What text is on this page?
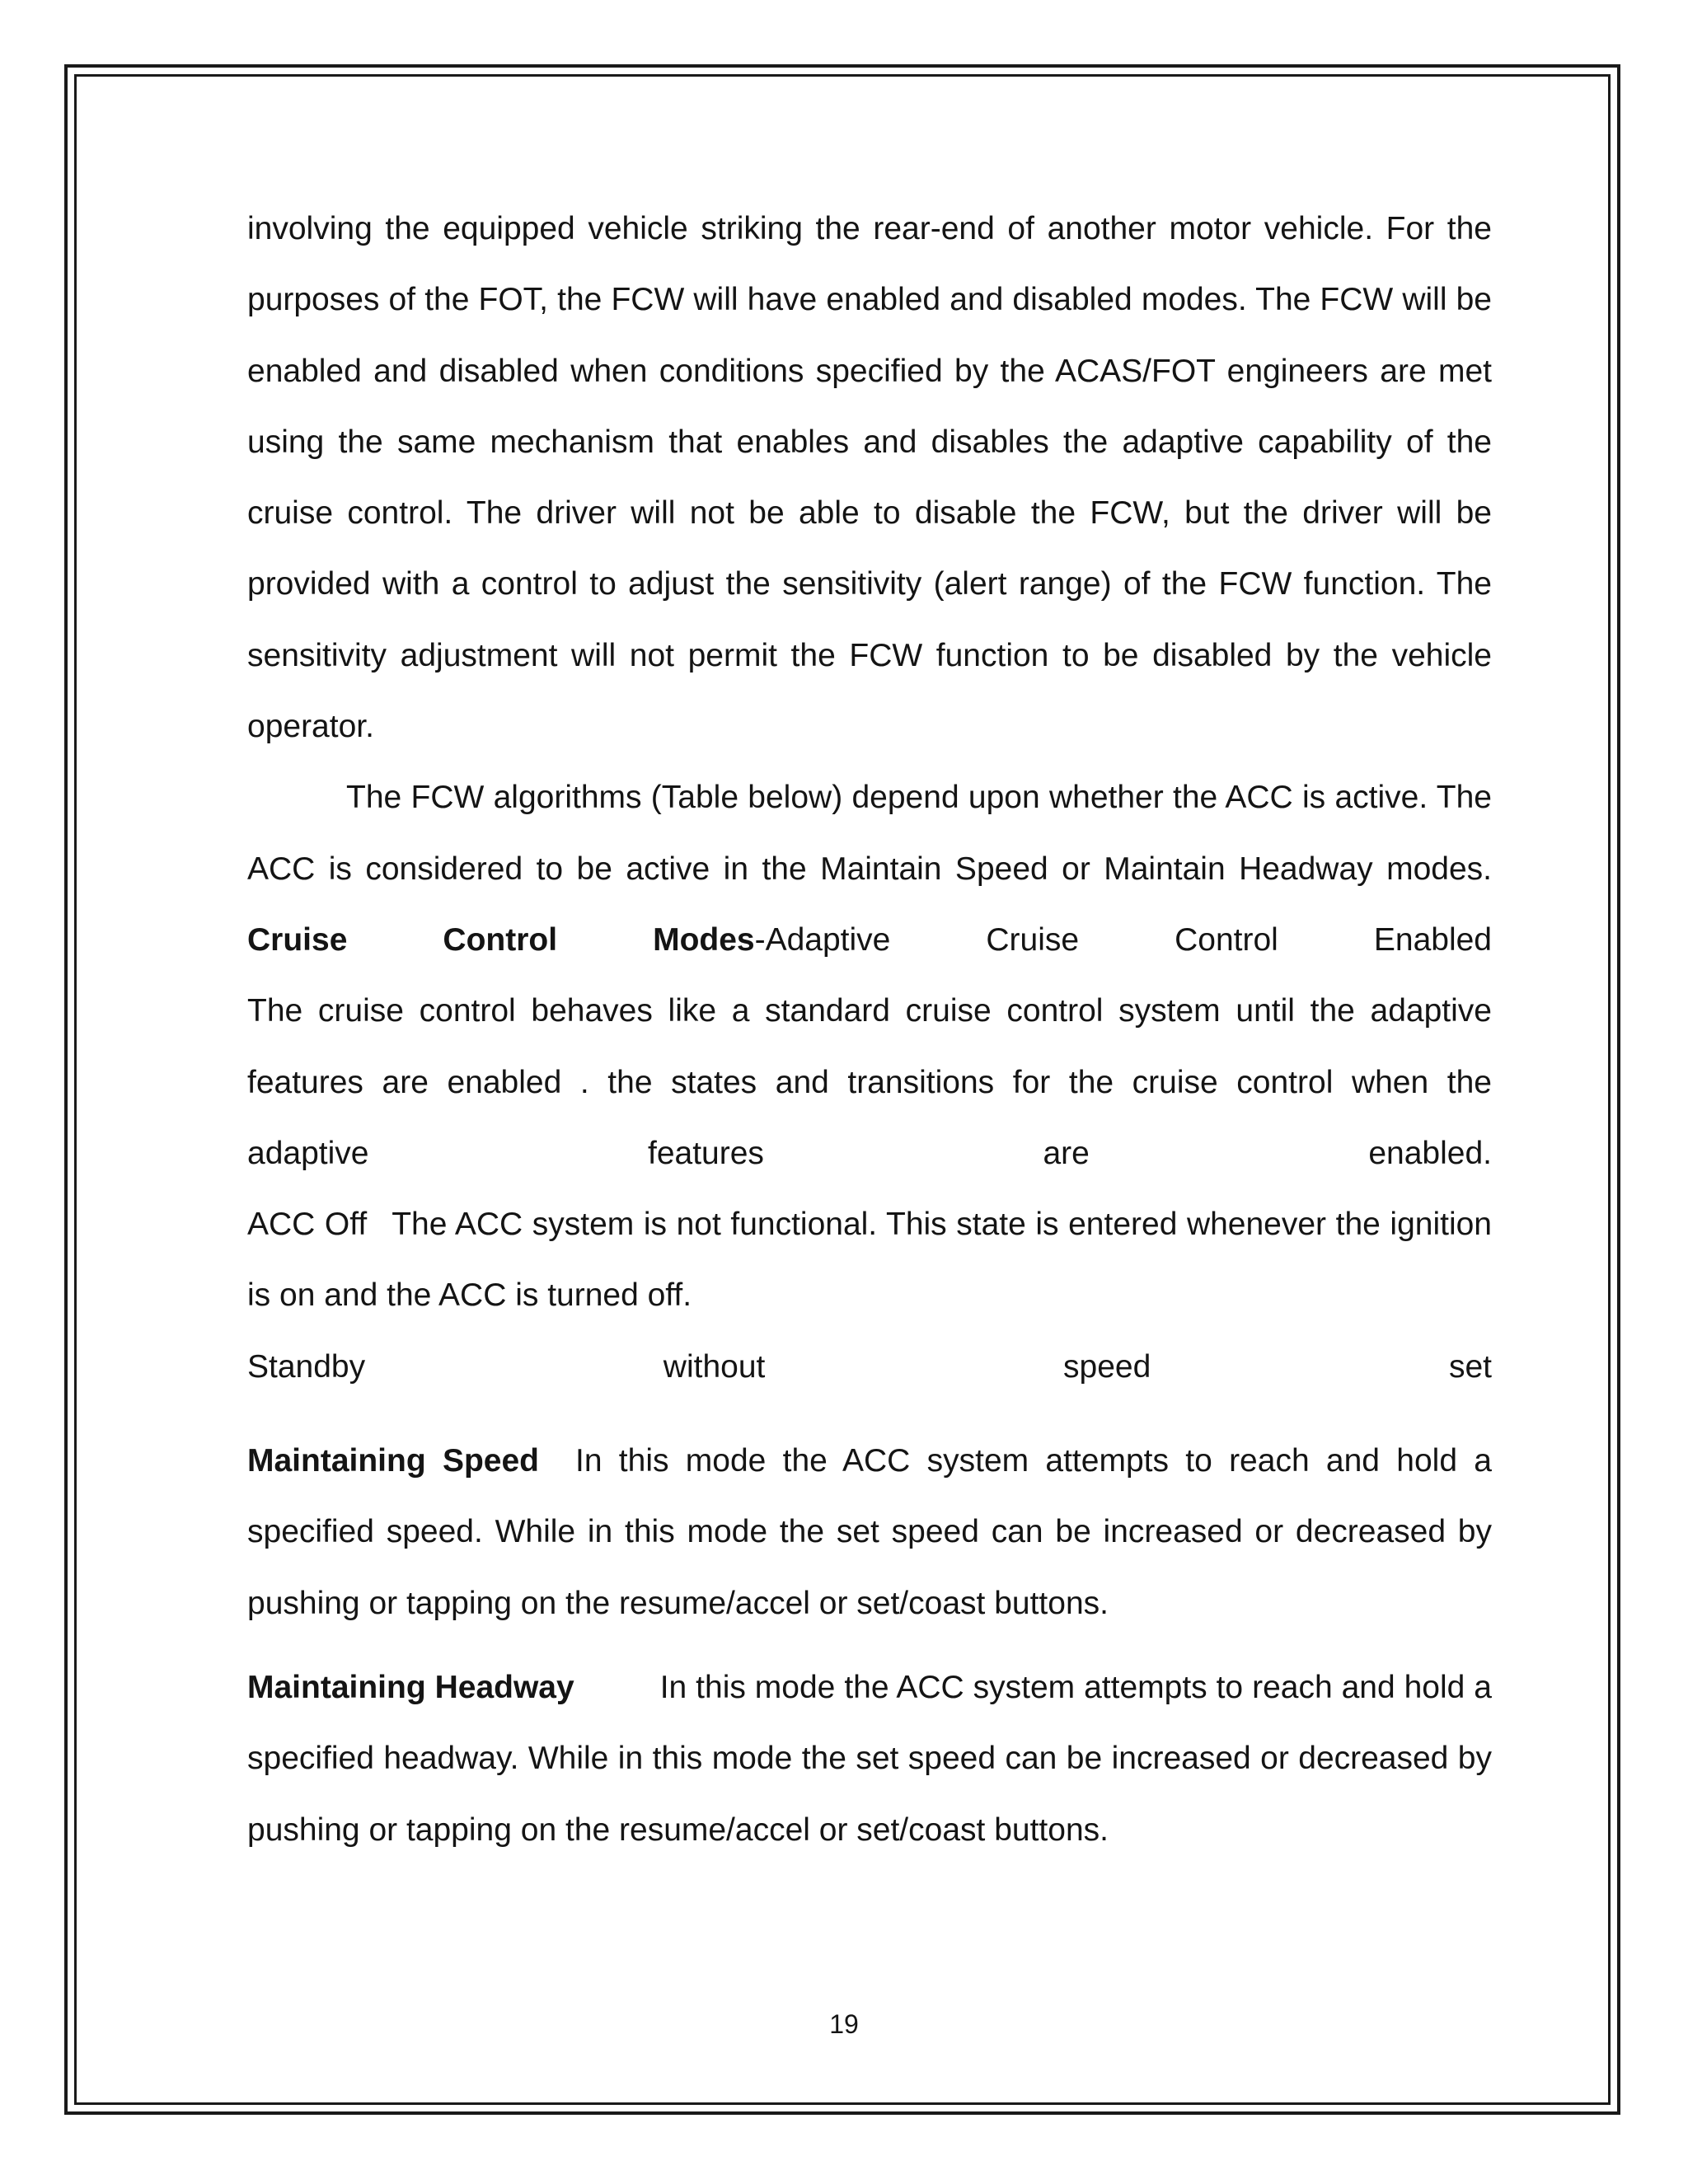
involving the equipped vehicle striking the rear-end of another motor vehicle. For the purposes of the FOT, the FCW will have enabled and disabled modes. The FCW will be enabled and disabled when conditions specified by the ACAS/FOT engineers are met using the same mechanism that enables and disables the adaptive capability of the cruise control. The driver will not be able to disable the FCW, but the driver will be provided with a control to adjust the sensitivity (alert range) of the FCW function. The sensitivity adjustment will not permit the FCW function to be disabled by the vehicle operator.

The FCW algorithms (Table below) depend upon whether the ACC is active. The ACC is considered to be active in the Maintain Speed or Maintain Headway modes.

Cruise Control Modes-Adaptive Cruise Control Enabled

The cruise control behaves like a standard cruise control system until the adaptive features are enabled . the states and transitions for the cruise control when the adaptive features are enabled.

ACC Off The ACC system is not functional. This state is entered whenever the ignition is on and the ACC is turned off.

Standby without speed set

Maintaining Speed In this mode the ACC system attempts to reach and hold a specified speed. While in this mode the set speed can be increased or decreased by pushing or tapping on the resume/accel or set/coast buttons.

Maintaining Headway	In this mode the ACC system attempts to reach and hold a specified headway. While in this mode the set speed can be increased or decreased by pushing or tapping on the resume/accel or set/coast buttons.

19
